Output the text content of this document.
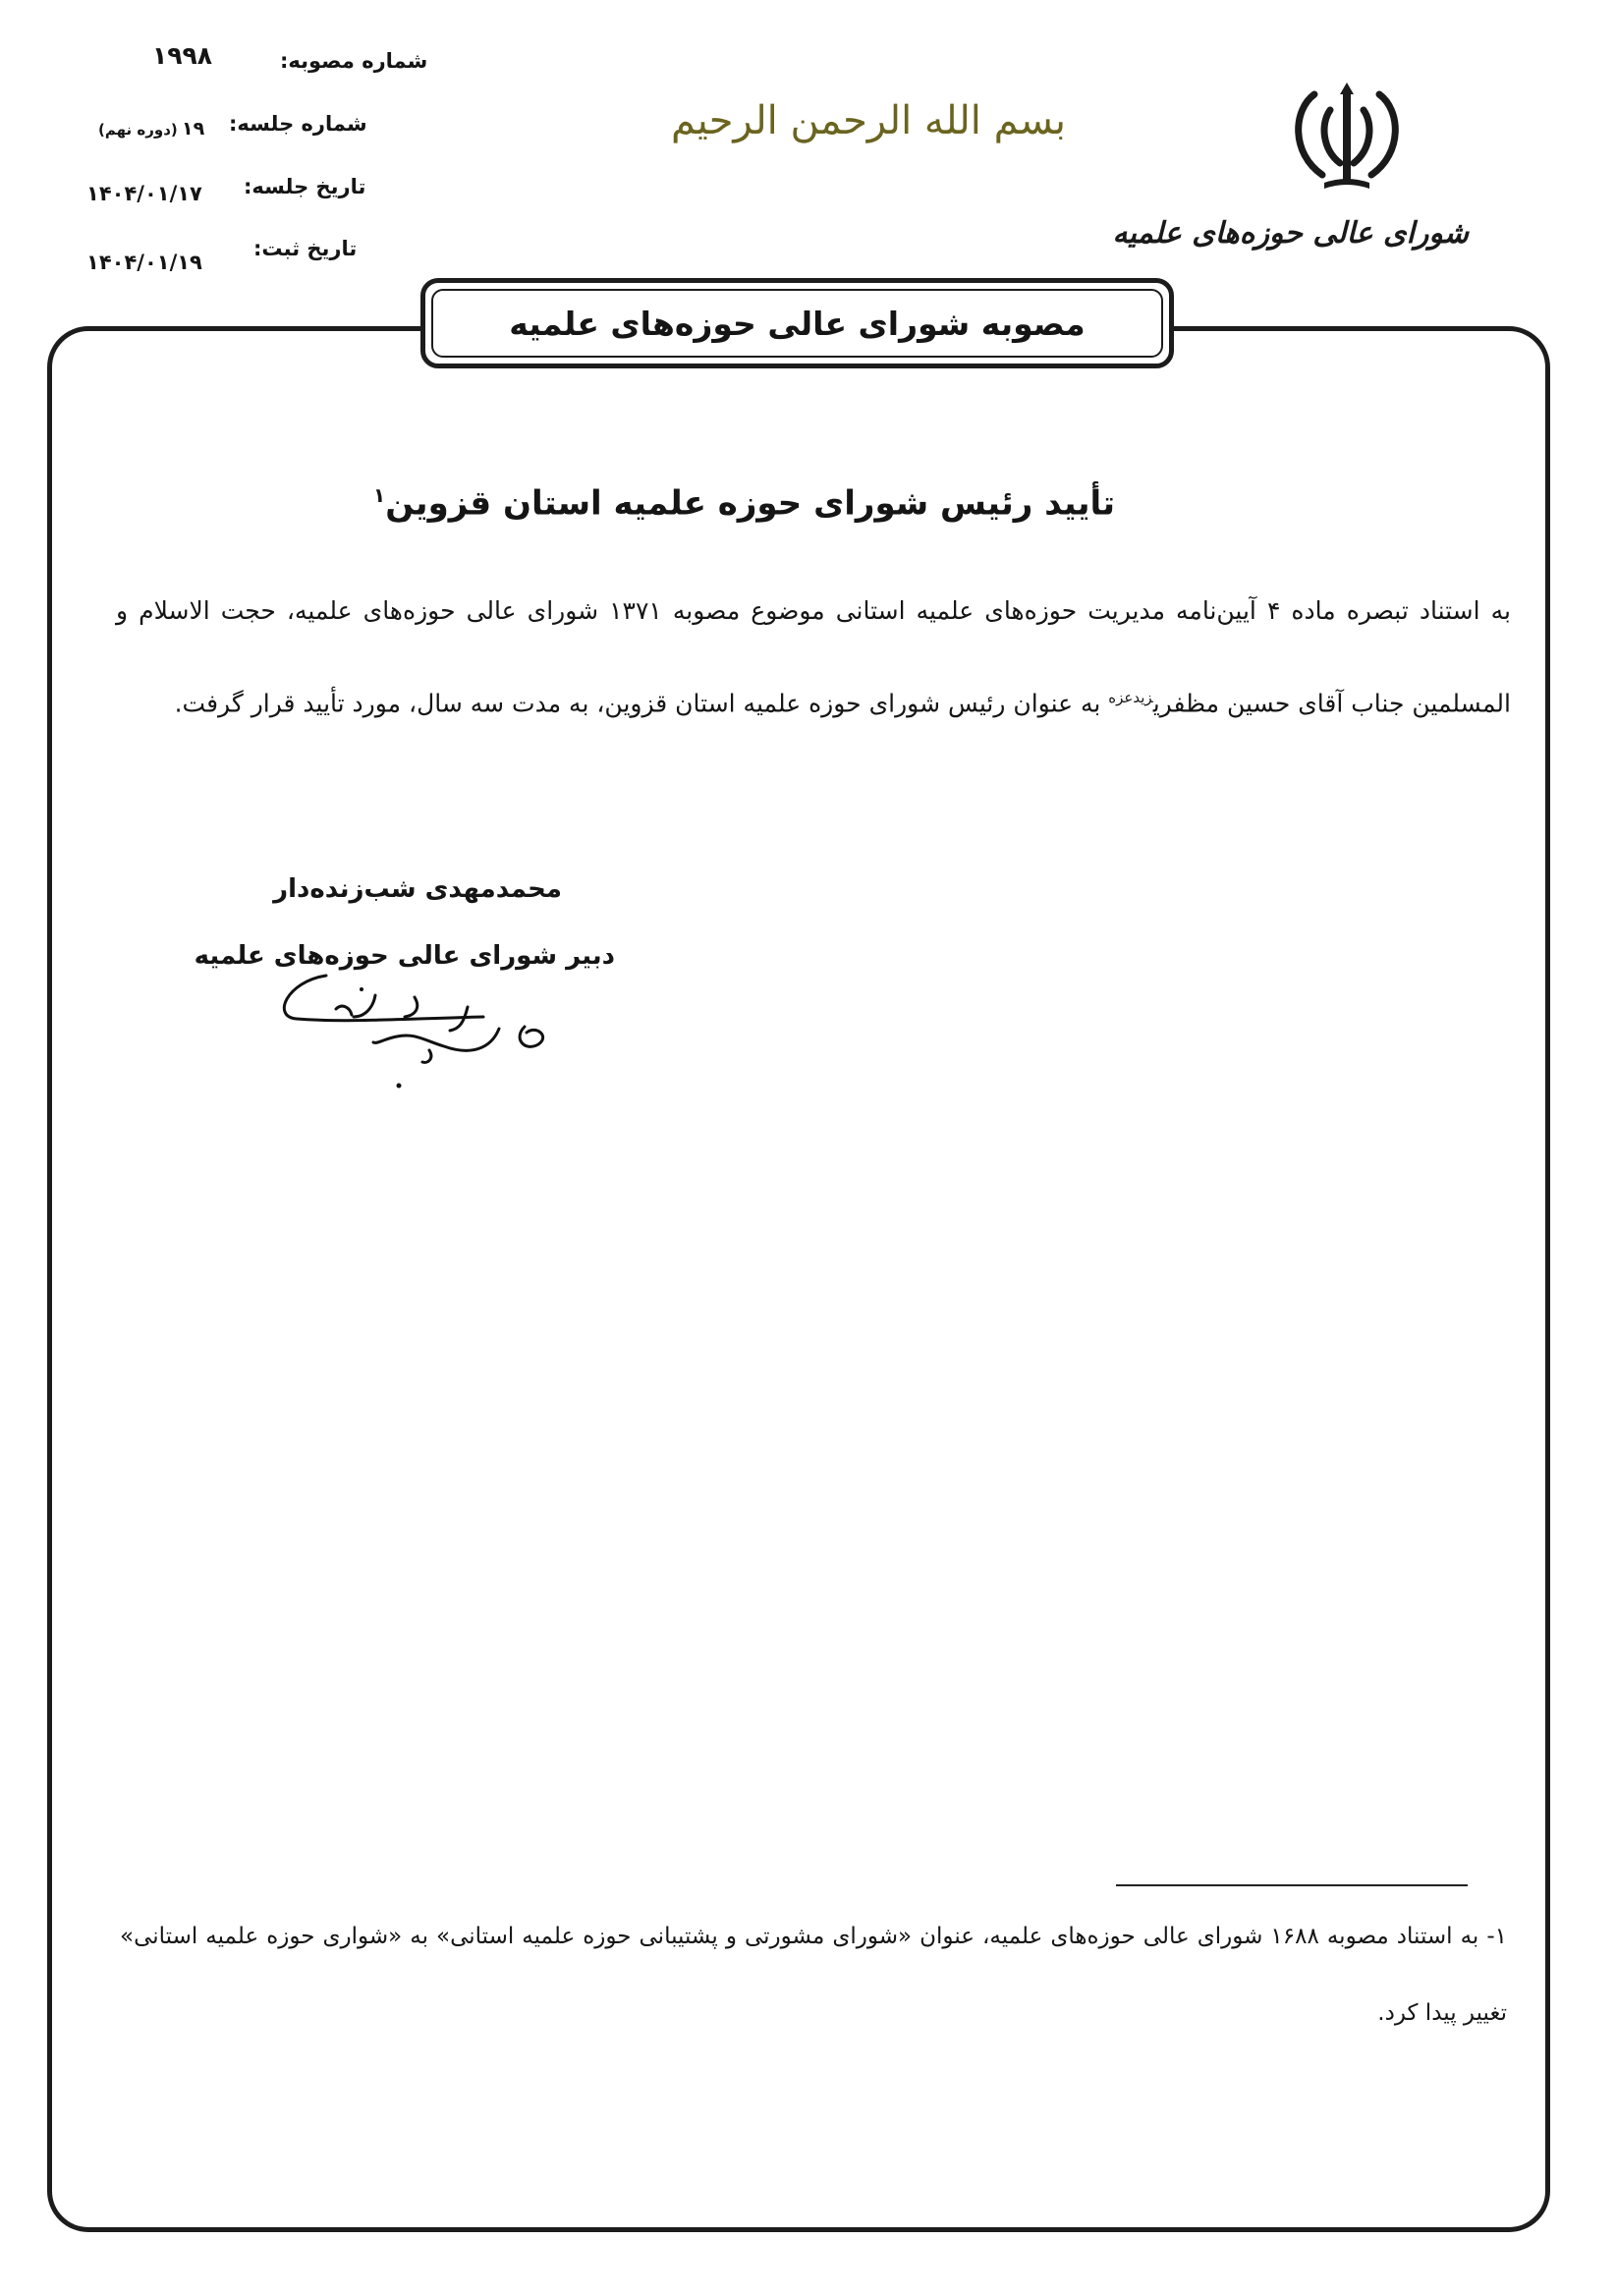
شماره مصوبه:
۱۹۹۸
شماره جلسه:
۱۹
(دوره نهم)
تاریخ جلسه:
۱۴۰۴/۰۱/۱۷
تاریخ ثبت:
۱۴۰۴/۰۱/۱۹
بسم الله الرحمن الرحیم
شورای عالی حوزه‌های علمیه
مصوبه شورای عالی حوزه‌های علمیه
تأیید رئیس شورای حوزه علمیه استان قزوین$^۱$
به استناد تبصره ماده ۴ آیین‌نامه مدیریت حوزه‌های علمیه استانی موضوع مصوبه ۱۳۷۱ شورای عالی حوزه‌های علمیه، حجت الاسلام و المسلمین جناب آقای حسین مظفری$^{زیدعزه}$ به عنوان رئیس شورای حوزه علمیه استان قزوین، به مدت سه سال، مورد تأیید قرار گرفت.
محمدمهدی شب‌زنده‌دار
دبیر شورای عالی حوزه‌های علمیه
۱- به استناد مصوبه ۱۶۸۸ شورای عالی حوزه‌های علمیه، عنوان «شورای مشورتی و پشتیبانی حوزه علمیه استانی» به «شواری حوزه علمیه استانی» تغییر پیدا کرد.
